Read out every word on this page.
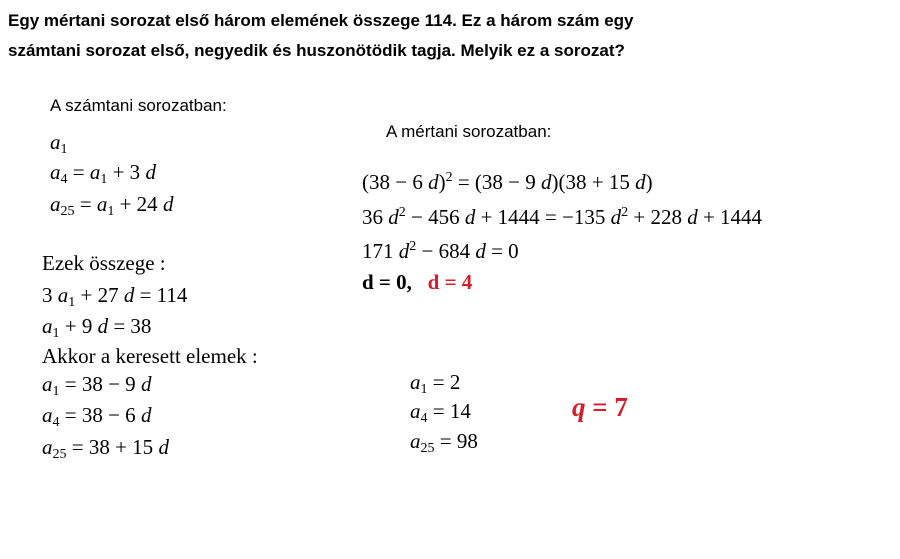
Egy mértani sorozat első három elemének összege 114. Ez a három szám egy
számtani sorozat első, negyedik és huszonötödik tagja. Melyik ez a sorozat?
A számtani sorozatban:
$a_1$
$a_4 = a_1 + 3$ d
$a_{25} = a_1 + 24$ d
Ezek összege :
3 $a_1 + 27$ d = 114
$a_1 + 9$ d = 38
Akkor a keresett elemek :
$a_1 = 38 - 9$ d
$a_4 = 38 - 6$ d
$a_{25} = 38 + 15$ d
A mértani sorozatban:
(38 − 6 d)$^2$ = (38 − 9 d)(38 + 15 d)
36 $d^2 - 456$ d + 1444 = −135 $d^2 + 228$ d + 1444
171 $d^2 - 684$ d = 0
d = 0,   d = 4
$a_1 = 2$
$a_4 = 14$
$a_{25} = 98$
q = 7
